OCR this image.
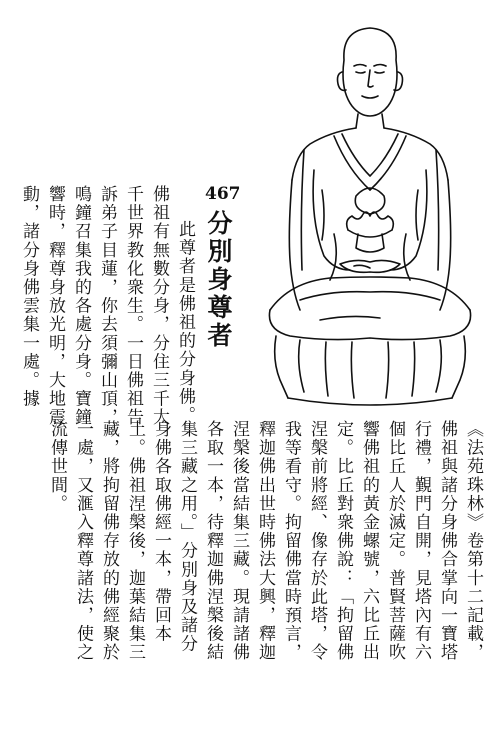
467
分別身尊者
此尊者是佛祖的分身佛。
佛祖有無數分身，分住三千大
千世界教化衆生。一日佛祖告
訴弟子目蓮，你去須彌山頂，
鳴鐘召集我的各處分身。寶鐘
響時，釋尊身放光明，大地震
動，諸分身佛雲集一處。據
《法苑珠林》卷第十二記載，
佛祖與諸分身佛合掌向一寶塔
行禮，覲門自開，見塔內有六
個比丘人於滅定。普賢菩薩吹
響佛祖的黃金螺號，六比丘出
定。比丘對衆佛說：「拘留佛
涅槃前將經、像存於此塔，令
我等看守。拘留佛當時預言，
釋迦佛出世時佛法大興，釋迦
涅槃後當結集三藏。現請諸佛
各取一本，待釋迦佛涅槃後結
集三藏之用。」分別身及諸分
身佛各取佛經一本，帶回本
土。佛祖涅槃後，迦葉結集三
藏，將拘留佛存放的佛經聚於
一處，又滙入釋尊諸法，使之
流傳世間。
